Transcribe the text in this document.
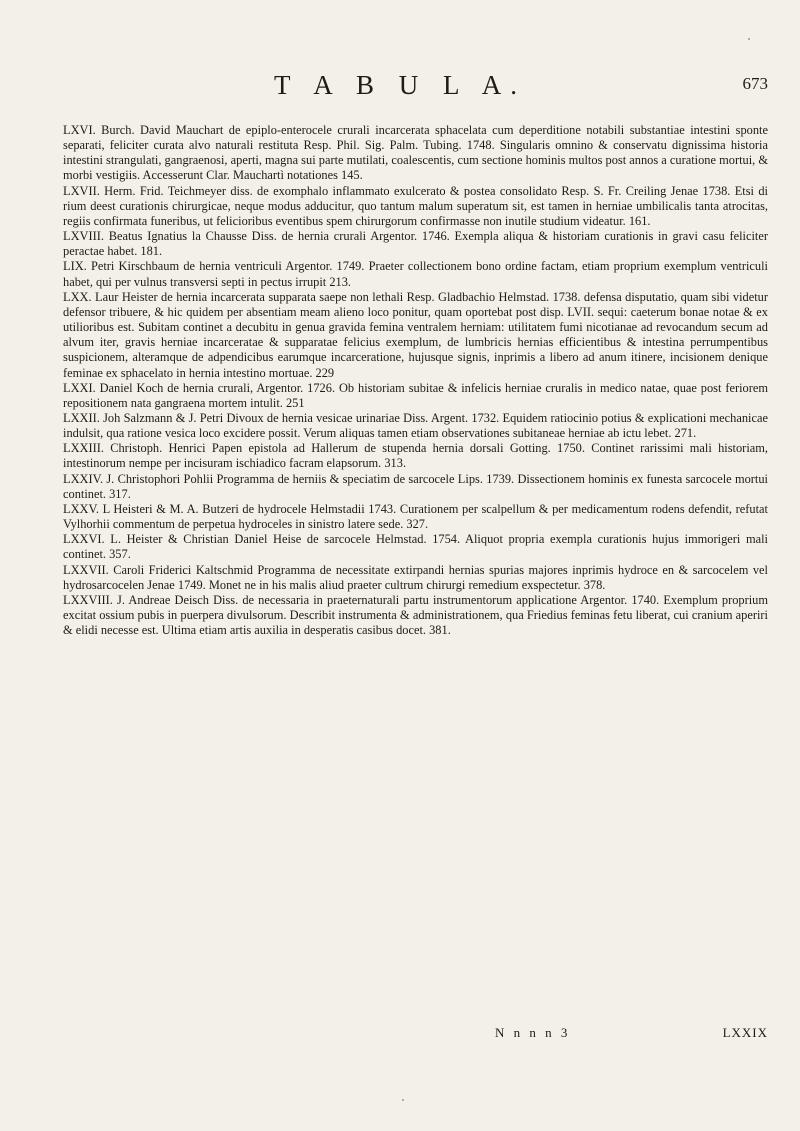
T A B U L A.	673

LXVI. Burch. David Mauchart de epiplo-enterocele crurali incarcerata sphacelata cum deperditione notabili substantiae intestini sponte separati, feliciter curata alvo naturali restituta Resp. Phil. Sig. Palm. Tubing. 1748. Singularis omnino & conservatu dignissima historia intestini strangulati, gangraenosi, aperti, magna sui parte mutilati, coalescentis, cum sectione hominis multos post annos a curatione mortui, & morbi vestigiis. Accesserunt Clar. Mauchartì notationes 145.

LXVII. Herm. Frid. Teichmeyer diss. de exomphalo inflammato exulcerato & postea consolidato Resp. S. Fr. Creiling Jenae 1738. Etsi di rium deest curationis chirurgicae, neque modus adducitur, quo tantum malum superatum sit, est tamen in herniae umbilicalis tanta atrocitas, regiis confirmata funeribus, ut felicioribus eventibus spem chirurgorum confirmasse non inutile studium videatur. 161.

LXVIII. Beatus Ignatius la Chausse Diss. de hernia crurali Argentor. 1746. Exempla aliqua & historiam curationis in gravi casu feliciter peractae habet. 181.

LIX. Petri Kirschbaum de hernia ventriculi Argentor. 1749. Praeter collectionem bono ordine factam, etiam proprium exemplum ventriculi habet, qui per vulnus transversi septi in pectus irrupit 213.

LXX. Laur Heister de hernia incarcerata supparata saepe non lethali Resp. Gladbachio Helmstad. 1738. defensa disputatio, quam sibi videtur defensor tribuere, & hic quidem per absentiam meam alieno loco ponitur, quam oportebat post disp. LVII. sequi: caeterum bonae notae & ex utilioribus est. Subitam continet a decubitu in genua gravida femina ventralem herniam: utilitatem fumi nicotianae ad revocandum secum ad alvum iter, gravis herniae incarceratae & supparatae felicius exemplum, de lumbricis hernias efficientibus & intestina perrumpentibus suspicionem, alteramque de adpendicibus earumque incarceratione, hujusque signis, inprimis a libero ad anum itinere, incisionem denique feminae ex sphacelato in hernia intestino mortuae. 229

LXXI. Daniel Koch de hernia crurali, Argentor. 1726. Ob historiam subitae & infelicis herniae cruralis in medico natae, quae post feriorem repositionem nata gangraena mortem intulit. 251

LXXII. Joh Salzmann & J. Petri Divoux de hernia vesicae urinariae Diss. Argent. 1732. Equidem ratiocinio potius & explicationi mechanicae indulsit, qua ratione vesica loco excidere possit. Verum aliquas tamen etiam observationes subitaneae herniae ab ictu lebet. 271.

LXXIII. Christoph. Henrici Papen epistola ad Hallerum de stupenda hernia dorsali Gotting. 1750. Continet rarissimi mali historiam, intestinorum nempe per incisuram ischiadico facram elapsorum. 313.

LXXIV. J. Christophori Pohlii Programma de herniis & speciatim de sarcocele Lips. 1739. Dissectionem hominis ex funesta sarcocele mortui continet. 317.

LXXV. L Heisteri & M. A. Butzeri de hydrocele Helmstadii 1743. Curationem per scalpellum & per medicamentum rodens defendit, refutat Vylhorhii commentum de perpetua hydroceles in sinistro latere sede. 327.

LXXVI. L. Heister & Christian Daniel Heise de sarcocele Helmstad. 1754. Aliquot propria exempla curationis hujus immorigeri mali continet. 357.

LXXVII. Caroli Friderici Kaltschmid Programma de necessitate extirpandi hernias spurias majores inprimis hydroce en & sarcocelem vel hydrosarcocelen Jenae 1749. Monet ne in his malis aliud praeter cultrum chirurgi remedium exspectetur. 378.

LXXVIII. J. Andreae Deisch Diss. de necessaria in praeternaturali partu instrumentorum applicatione Argentor. 1740. Exemplum proprium excitat ossium pubis in puerpera divulsorum. Describit instrumenta & administrationem, qua Friedius feminas fetu liberat, cui cranium aperiri & elidi necesse est. Ultima etiam artis auxilia in desperatis casibus docet. 381.

N n n n 3	LXXIX
